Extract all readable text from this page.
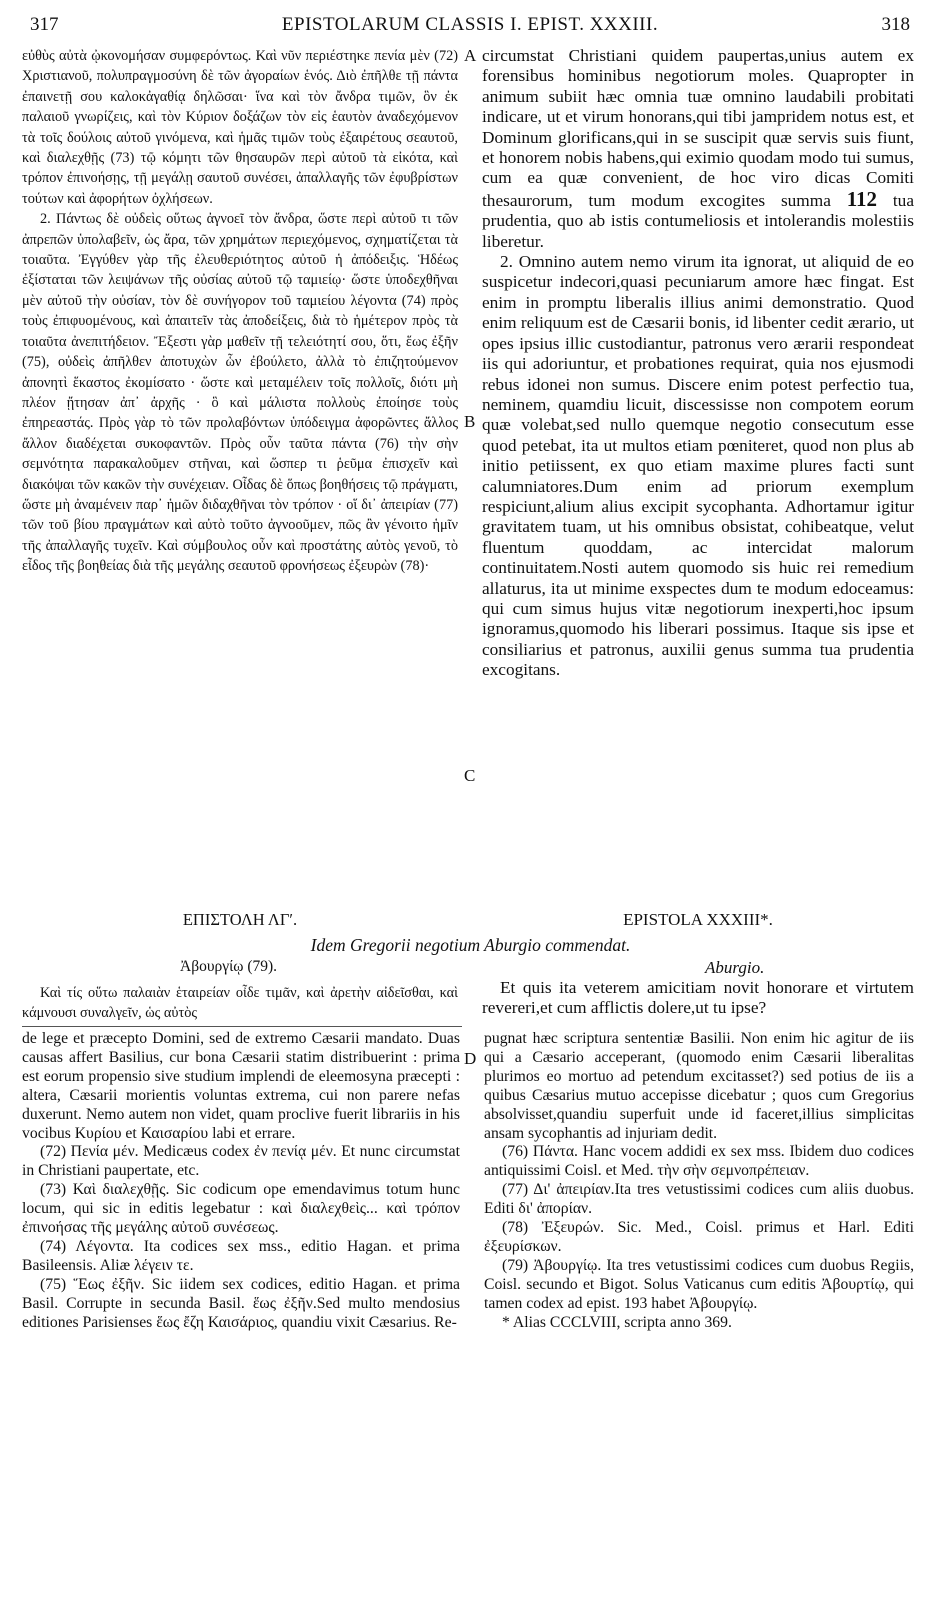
317	EPISTOLARUM CLASSIS I. EPIST. XXXIII.	318

εὐθὺς αὐτὰ ᾠκονομήσαν συμφερόντως. Καὶ νῦν περιέστηκε πενία μὲν (72) Χριστιανοῦ, πολυπραγμοσύνη δὲ τῶν ἀγοραίων ἑνός. Διὸ ἐπῆλθε τῇ πάντα ἐπαινετῇ σου καλοκἀγαθίᾳ δηλῶσαι· ἵνα καὶ τὸν ἄνδρα τιμῶν, ὃν ἐκ παλαιοῦ γνωρίζεις, καὶ τὸν Κύριον δοξάζων τὸν εἰς ἑαυτὸν ἀναδεχόμενον τὰ τοῖς δούλοις αὐτοῦ γινόμενα, καὶ ἡμᾶς τιμῶν τοὺς ἐξαιρέτους σεαυτοῦ, καὶ διαλεχθῇς (73) τῷ κόμητι τῶν θησαυρῶν περὶ αὐτοῦ τὰ εἰκότα, καὶ τρόπον ἐπινοήσῃς, τῇ μεγάλῃ σαυτοῦ συνέσει, ἀπαλλαγῆς τῶν ἐφυβρίστων τούτων καὶ ἀφορήτων ὀχλήσεων.

2. Πάντως δὲ οὐδεὶς οὕτως ἀγνοεῖ τὸν ἄνδρα, ὥστε περὶ αὐτοῦ τι τῶν ἀπρεπῶν ὑπολαβεῖν, ὡς ἄρα, τῶν χρημάτων περιεχόμενος, σχηματίζεται τὰ τοιαῦτα. Ἐγγύθεν γὰρ τῆς ἐλευθεριότητος αὐτοῦ ἡ ἀπόδειξις. Ἡδέως ἐξίσταται τῶν λειψάνων τῆς οὐσίας αὐτοῦ τῷ ταμιείῳ· ὥστε ὑποδεχθῆναι μὲν αὐτοῦ τὴν οὐσίαν, τὸν δὲ συνήγορον τοῦ ταμιείου λέγοντα (74) πρὸς τοὺς ἐπιφυομένους, καὶ ἀπαιτεῖν τὰς ἀποδείξεις, διὰ τὸ ἡμέτερον πρὸς τὰ τοιαῦτα ἀνεπιτήδειον. Ἔξεστι γὰρ μαθεῖν τῇ τελειότητί σου, ὅτι, ἕως ἐξῆν (75), οὐδεὶς ἀπῆλθεν ἀποτυχὼν ὧν ἐβούλετο, ἀλλὰ τὸ ἐπιζητούμενον ἀπονητὶ ἕκαστος ἐκομίσατο · ὥστε καὶ μεταμέλειν τοῖς πολλοῖς, διότι μὴ πλέον ᾔτησαν ἀπ᾿ ἀρχῆς · ὃ καὶ μάλιστα πολλοὺς ἐποίησε τοὺς ἐπηρεαστάς. Πρὸς γὰρ τὸ τῶν προλαβόντων ὑπόδειγμα ἀφορῶντες ἄλλος ἄλλον διαδέχεται συκοφαντῶν. Πρὸς οὖν ταῦτα πάντα (76) τὴν σὴν σεμνότητα παρακαλοῦμεν στῆναι, καὶ ὥσπερ τι ῥεῦμα ἐπισχεῖν καὶ διακόψαι τῶν κακῶν τὴν συνέχειαν. Οἶδας δὲ ὅπως βοηθήσεις τῷ πράγματι, ὥστε μὴ ἀναμένειν παρ᾿ ἡμῶν διδαχθῆναι τὸν τρόπον · οἵ δι᾿ ἀπειρίαν (77) τῶν τοῦ βίου πραγμάτων καὶ αὐτὸ τοῦτο ἀγνοοῦμεν, πῶς ἂν γένοιτο ἡμῖν τῆς ἀπαλλαγῆς τυχεῖν. Καὶ σύμβουλος οὖν καὶ προστάτης αὐτὸς γενοῦ, τὸ εἶδος τῆς βοηθείας διὰ τῆς μεγάλης σεαυτοῦ φρονήσεως ἐξευρὼν (78)·

circumstat Christiani quidem paupertas,unius autem ex forensibus hominibus negotiorum moles. Quapropter in animum subiit hæc omnia tuæ omnino laudabili probitati indicare, ut et virum honorans,qui tibi jampridem notus est, et Dominum glorificans,qui in se suscipit quæ servis suis fiunt, et honorem nobis habens,qui eximio quodam modo tui sumus, cum ea quæ convenient, de hoc viro dicas Comiti thesaurorum, tum modum excogites summa 112 tua prudentia, quo ab istis contumeliosis et intolerandis molestiis liberetur.

2. Omnino autem nemo virum ita ignorat, ut aliquid de eo suspicetur indecori,quasi pecuniarum amore hæc fingat. Est enim in promptu liberalis illius animi demonstratio. Quod enim reliquum est de Cæsarii bonis, id libenter cedit ærario, ut opes ipsius illic custodiantur, patronus vero ærarii respondeat iis qui adoriuntur, et probationes requirat, quia nos ejusmodi rebus idonei non sumus. Discere enim potest perfectio tua, neminem, quamdiu licuit, discessisse non compotem eorum quæ volebat,sed nullo quemque negotio consecutum esse quod petebat, ita ut multos etiam pœniteret, quod non plus ab initio petiissent, ex quo etiam maxime plures facti sunt calumniatores.Dum enim ad priorum exemplum respiciunt,alium alius excipit sycophanta. Adhortamur igitur gravitatem tuam, ut his omnibus obsistat, cohibeatque, velut fluentum quoddam, ac intercidat malorum continuitatem.Nosti autem quomodo sis huic rei remedium allaturus, ita ut minime exspectes dum te modum edoceamus: qui cum simus hujus vitæ negotiorum inexperti,hoc ipsum ignoramus,quomodo his liberari possimus. Itaque sis ipse et consiliarius et patronus, auxilii genus summa tua prudentia excogitans.

A
B
C
D
ΕΠΙΣΤΟΛΗ ΛΓʹ.	EPISTOLA XXXIII*.
Idem Gregorii negotium Aburgio commendat.
Ἀβουργίῳ (79).	Aburgio.
Καὶ τίς οὕτω παλαιὰν ἑταιρείαν οἶδε τιμᾶν, καὶ ἀρετὴν αἰδεῖσθαι, καὶ κάμνουσι συναλγεῖν, ὡς αὐτὸς
Et quis ita veterem amicitiam novit honorare et virtutem revereri,et cum afflictis dolere,ut tu ipse?

de lege et præcepto Domini, sed de extremo Cæsarii mandato. Duas causas affert Basilius, cur bona Cæsarii statim distribuerint : prima est eorum propensio sive studium implendi de eleemosyna præcepti : altera, Cæsarii morientis voluntas extrema, cui non parere nefas duxerunt. Nemo autem non videt, quam proclive fuerit librariis in his vocibus Κυρίου et Καισαρίου labi et errare.

(72) Πενία μέν. Medicæus codex ἐν πενίᾳ μέν. Et nunc circumstat in Christiani paupertate, etc.

(73) Καὶ διαλεχθῇς. Sic codicum ope emendavimus totum hunc locum, qui sic in editis legebatur : καὶ διαλεχθεὶς... καὶ τρόπον ἐπινοήσας τῆς μεγάλης αὐτοῦ συνέσεως.

(74) Λέγοντα. Ita codices sex mss., editio Hagan. et prima Basileensis. Aliæ λέγειν τε.

(75) Ἕως ἐξῆν. Sic iidem sex codices, editio Hagan. et prima Basil. Corrupte in secunda Basil. ἕως ἐξῆν.Sed multo mendosius editiones Parisienses ἕως ἔζη Καισάριος, quandiu vixit Cæsarius. Re-

pugnat hæc scriptura sententiæ Basilii. Non enim hic agitur de iis qui a Cæsario acceperant, (quomodo enim Cæsarii liberalitas plurimos eo mortuo ad petendum excitasset?) sed potius de iis a quibus Cæsarius mutuo accepisse dicebatur ; quos cum Gregorius absolvisset,quandiu superfuit unde id faceret,illius simplicitas ansam sycophantis ad injuriam dedit.

(76) Πάντα. Hanc vocem addidi ex sex mss. Ibidem duo codices antiquissimi Coisl. et Med. τὴν σὴν σεμνοπρέπειαν.

(77) Δι' ἀπειρίαν.Ita tres vetustissimi codices cum aliis duobus. Editi δι' ἀπορίαν.

(78) Ἐξευρών. Sic. Med., Coisl. primus et Harl. Editi ἐξευρίσκων.

(79) Ἀβουργίῳ. Ita tres vetustissimi codices cum duobus Regiis, Coisl. secundo et Bigot. Solus Vaticanus cum editis Ἀβουρτίῳ, qui tamen codex ad epist. 193 habet Ἀβουργίῳ.

* Alias CCCLVIII, scripta anno 369.
